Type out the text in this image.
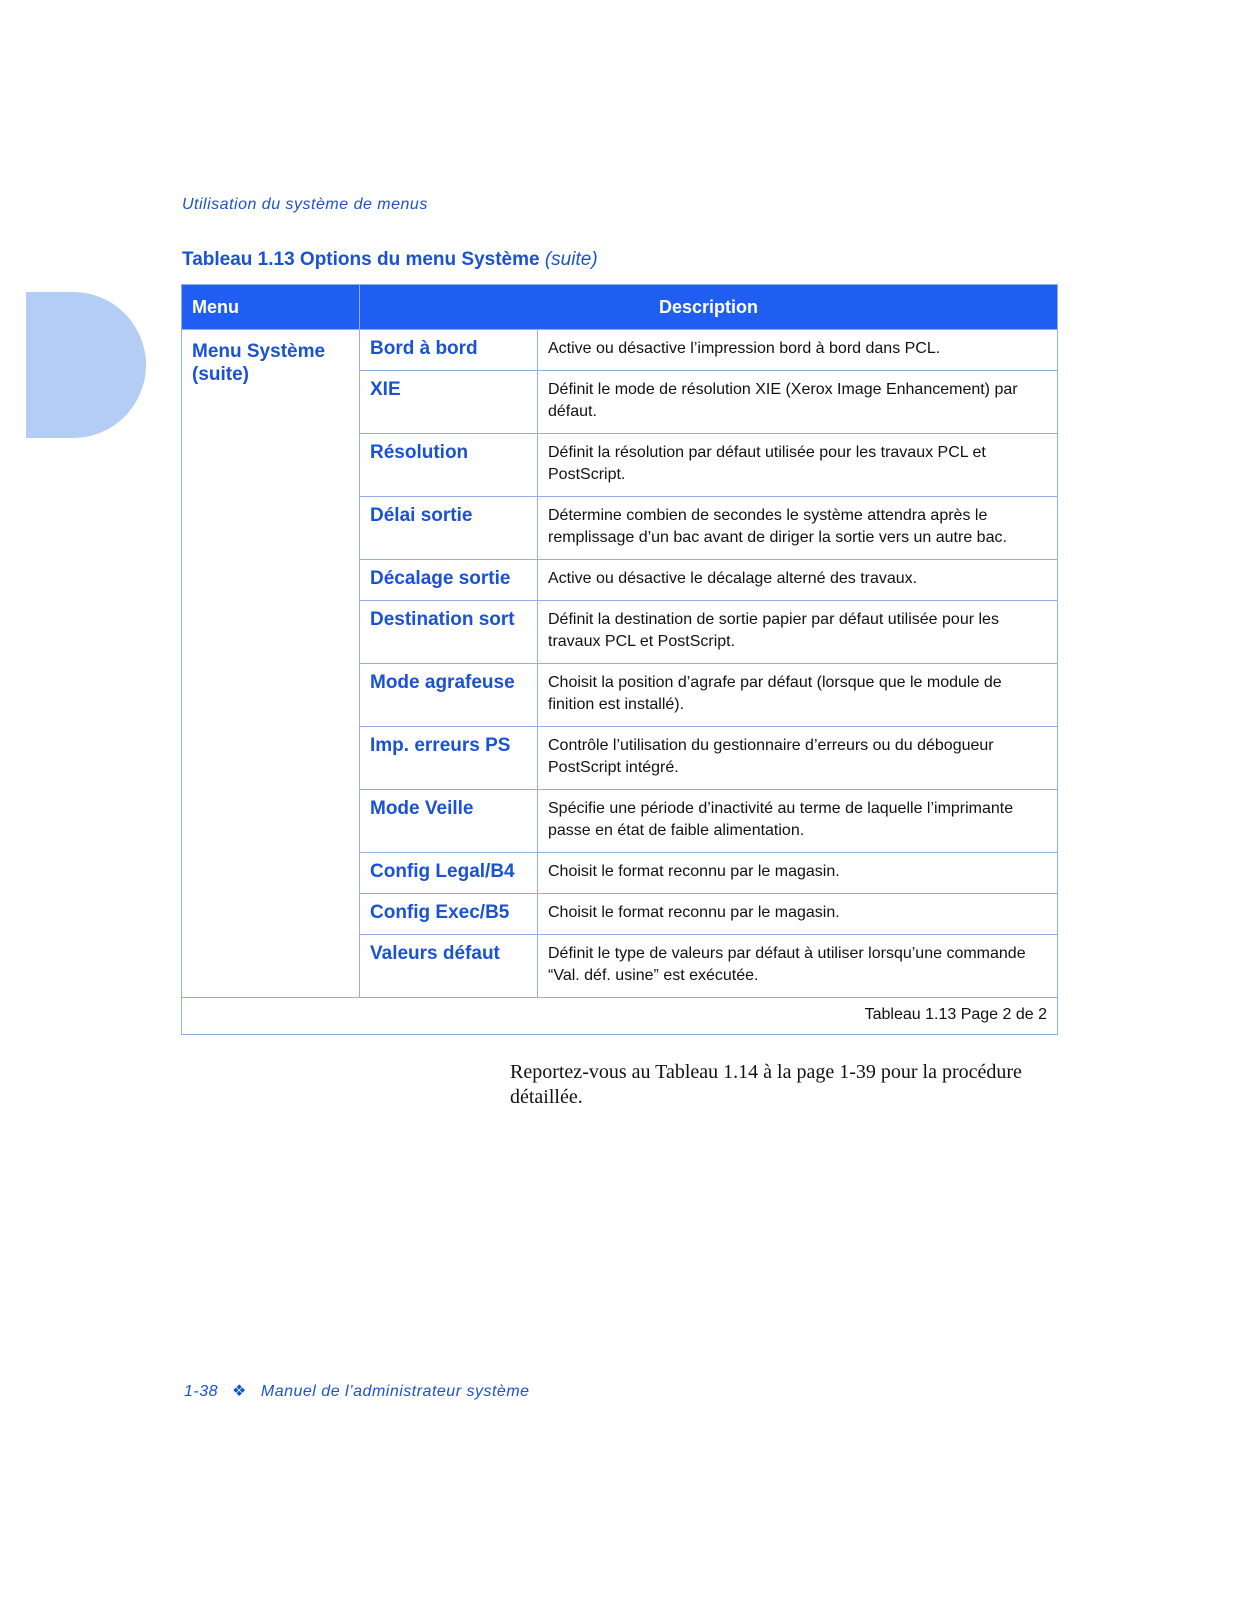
Utilisation du système de menus
Tableau 1.13 Options du menu Système (suite)
Menu	Description	

Menu Système
(suite)	Bord à bord	Active ou désactive l’impression bord à bord dans PCL.
	XIE	Définit le mode de résolution XIE (Xerox Image Enhancement) par défaut.
	Résolution	Définit la résolution par défaut utilisée pour les travaux PCL et PostScript.
	Délai sortie	Détermine combien de secondes le système attendra après le remplissage d’un bac avant de diriger la sortie vers un autre bac.
	Décalage sortie	Active ou désactive le décalage alterné des travaux.
	Destination sort	Définit la destination de sortie papier par défaut utilisée pour les travaux PCL et PostScript.
	Mode agrafeuse	Choisit la position d’agrafe par défaut (lorsque que le module de finition est installé).
	Imp. erreurs PS	Contrôle l’utilisation du gestionnaire d’erreurs ou du débogueur PostScript intégré.
	Mode Veille	Spécifie une période d’inactivité au terme de laquelle l’imprimante passe en état de faible alimentation.
	Config Legal/B4	Choisit le format reconnu par le magasin.
	Config Exec/B5	Choisit le format reconnu par le magasin.
	Valeurs défaut	Définit le type de valeurs par défaut à utiliser lorsqu’une commande “Val. déf. usine” est exécutée.
Tableau 1.13 Page 2 de 2		
Reportez-vous au Tableau 1.14 à la page 1-39 pour la procédure détaillée.
1-38 ❖ Manuel de l’administrateur système
